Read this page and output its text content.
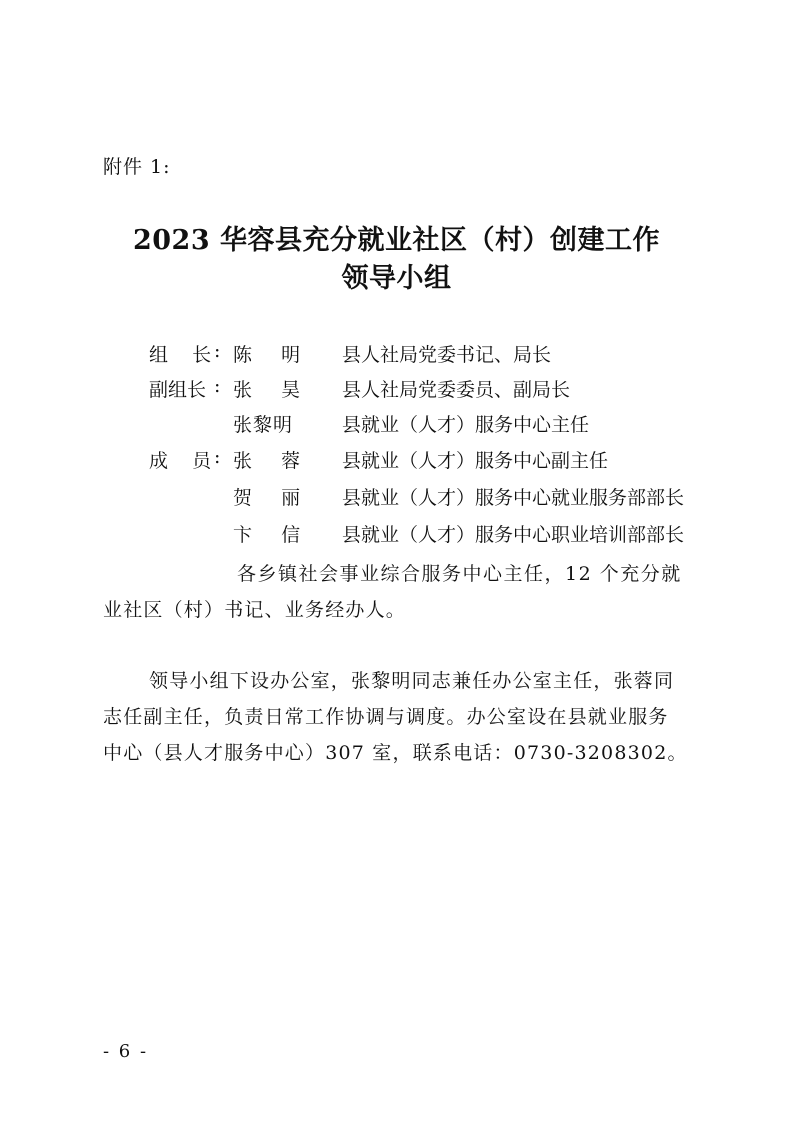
附件 1:
2023 华容县充分就业社区（村）创建工作
领导小组
组    长 : 陈    明 县人社局党委书记、局长
副组长 : 张    昊 县人社局党委委员、副局长
张黎明	县就业（人才）服务中心主任
成    员 : 张    蓉 县就业（人才）服务中心副主任
贺    丽 县就业（人才）服务中心就业服务部部长
卞    信 县就业（人才）服务中心职业培训部部长
各乡镇社会事业综合服务中心主任，12 个充分就
业社区（村）书记、业务经办人。
领导小组下设办公室，张黎明同志兼任办公室主任，张蓉同
志任副主任，负责日常工作协调与调度。办公室设在县就业服务
中心（县人才服务中心）307 室，联系电话：0730-3208302。
- 6 -
